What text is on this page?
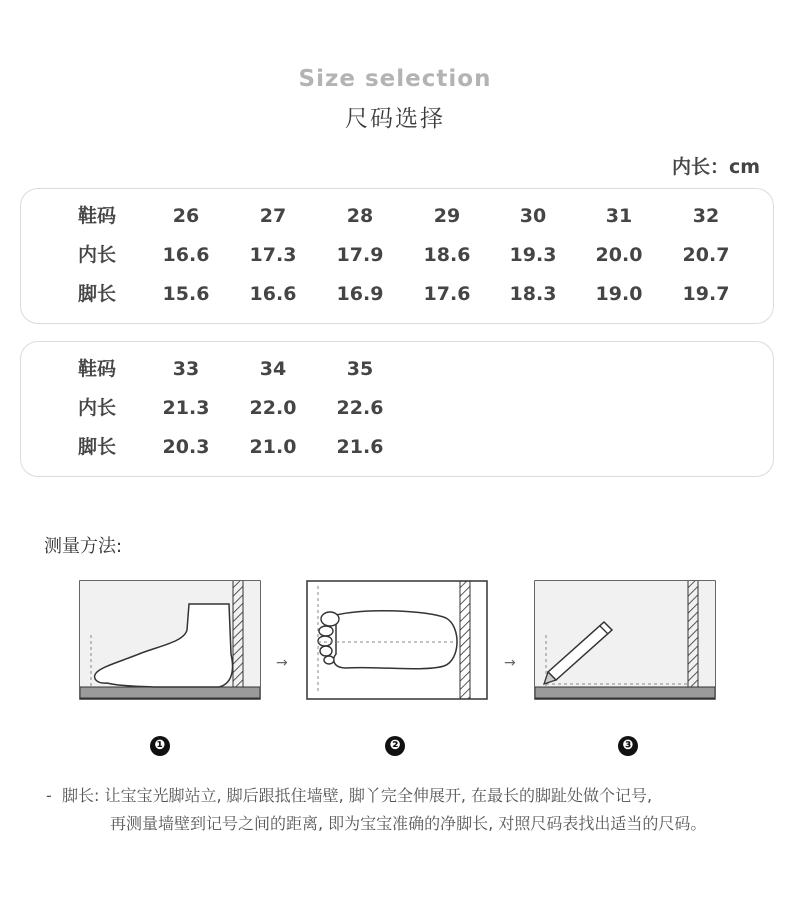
Size selection
尺码选择
内长：cm
鞋码	26	27	28	29	30	31	32
内长	16.6	17.3	17.9	18.6	19.3	20.0	20.7
脚长	15.6	16.6	16.9	17.6	18.3	19.0	19.7
鞋码	33	34	35
内长	21.3	22.0	22.6
脚长	20.3	21.0	21.6
测量方法:
→	→
❶	❷	❸
- 脚长: 让宝宝光脚站立, 脚后跟抵住墙壁, 脚丫完全伸展开, 在最长的脚趾处做个记号,
再测量墙壁到记号之间的距离, 即为宝宝准确的净脚长, 对照尺码表找出适当的尺码。
